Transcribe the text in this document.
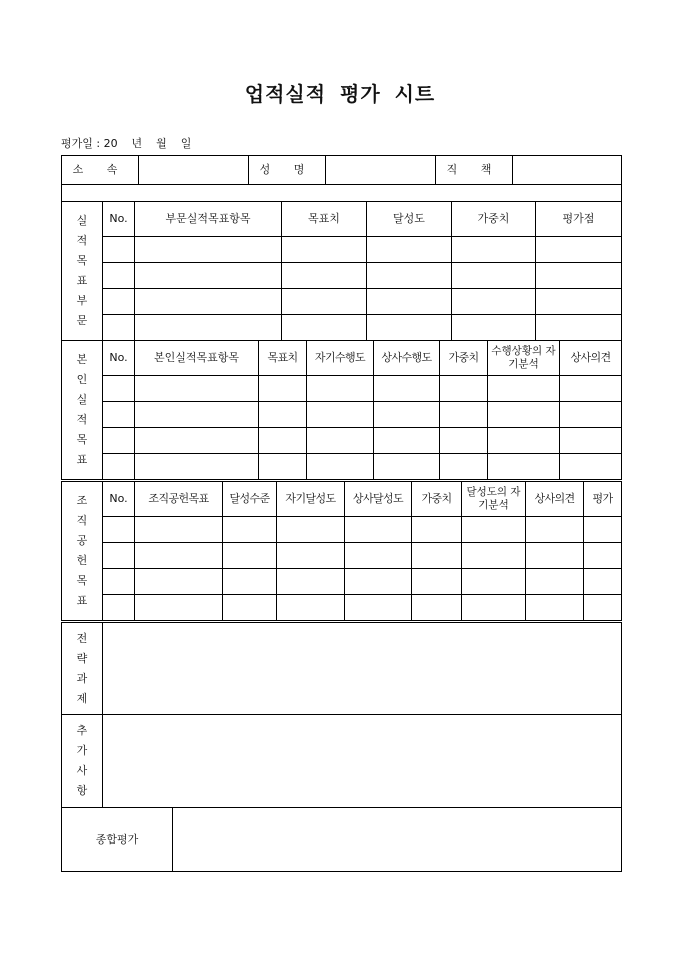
업적실적 평가 시트
평가일 : 20    년    월    일
소 속		성 명		직 책	

실적목표부문	No.	부문실적목표항목	목표치	달성도	가중치	평가점

본인실적목표	No.	본인실적목표항목	목표치	자기수행도	상사수행도	가중치	수행상황의 자기분석	상사의견

조직공헌목표	No.	조직공헌목표	달성수준	자기달성도	상사달성도	가중치	달성도의 자기분석	상사의견	평가

전략과제		
추가사항		
종합평가		
